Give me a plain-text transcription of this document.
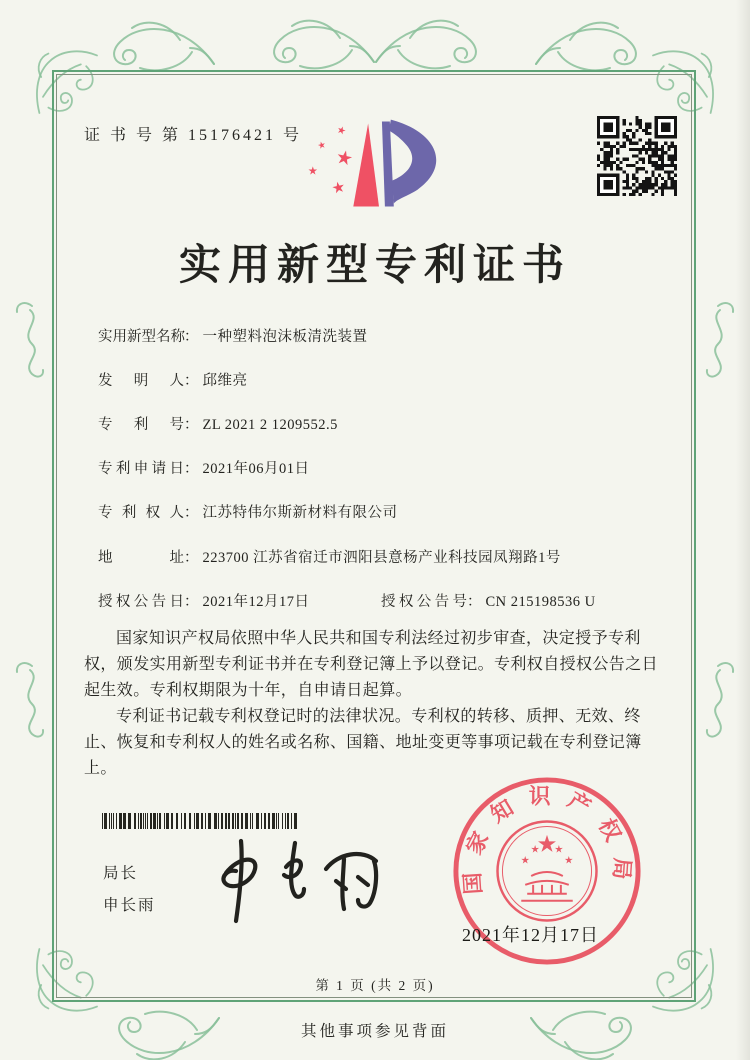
证 书 号 第 15176421 号
实用新型专利证书
实用新型名称： 一种塑料泡沫板清洗装置
发明人： 邱维亮
专利号： ZL 2021 2 1209552.5
专利申请日： 2021年06月01日
专利权人： 江苏特伟尔斯新材料有限公司
地址： 223700 江苏省宿迁市泗阳县意杨产业科技园凤翔路1号
授权公告日： 2021年12月17日	授权公告号： CN 215198536 U

国家知识产权局依照中华人民共和国专利法经过初步审查，决定授予专利权，颁发实用新型专利证书并在专利登记簿上予以登记。专利权自授权公告之日起生效。专利权期限为十年，自申请日起算。

专利证书记载专利权登记时的法律状况。专利权的转移、质押、无效、终止、恢复和专利权人的姓名或名称、国籍、地址变更等事项记载在专利登记簿上。

局长
申长雨
国家知识产权局
2021年12月17日
第 1 页 (共 2 页)
其他事项参见背面
